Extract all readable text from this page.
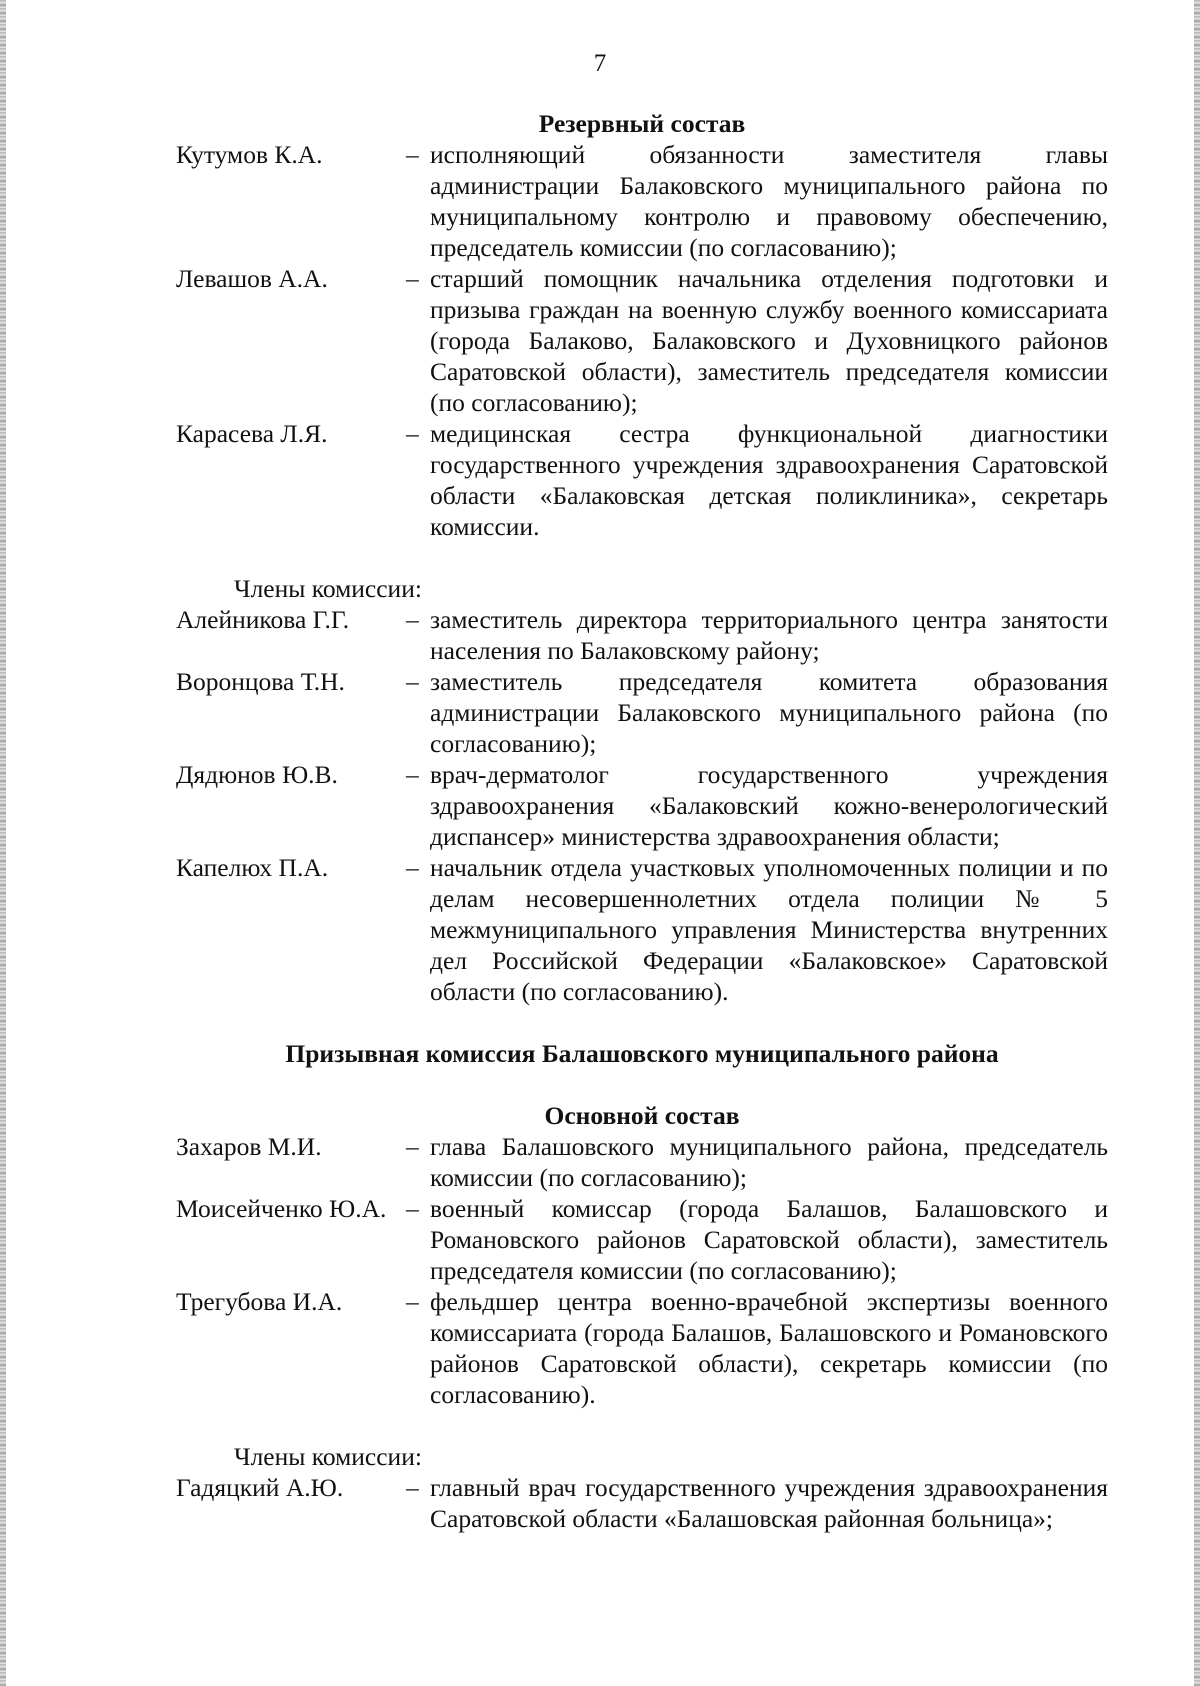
7
Резервный состав
Кутумов К.А.	– исполняющий обязанности заместителя главы администрации Балаковского муниципального района по муниципальному контролю и правовому обеспечению, председатель комиссии (по согласованию);
Левашов А.А.	– старший помощник начальника отделения подготовки и призыва граждан на военную службу военного комиссариата (города Балаково, Балаковского и Духовницкого районов Саратовской области), заместитель председателя комиссии (по согласованию);
Карасева Л.Я.	– медицинская сестра функциональной диагностики государственного учреждения здравоохранения Саратовской области «Балаковская детская поликлиника», секретарь комиссии.
Члены комиссии:
Алейникова Г.Г.	– заместитель директора территориального центра занятости населения по Балаковскому району;
Воронцова Т.Н.	– заместитель председателя комитета образования администрации Балаковского муниципального района (по согласованию);
Дядюнов Ю.В.	– врач-дерматолог государственного учреждения здравоохранения «Балаковский кожно-венерологический диспансер» министерства здравоохранения области;
Капелюх П.А.	– начальник отдела участковых уполномоченных полиции и по делам несовершеннолетних отдела полиции № 5 межмуниципального управления Министерства внутренних дел Российской Федерации «Балаковское» Саратовской области (по согласованию).
Призывная комиссия Балашовского муниципального района
Основной состав
Захаров М.И.	– глава Балашовского муниципального района, председатель комиссии (по согласованию);
Моисейченко Ю.А. – военный комиссар (города Балашов, Балашовского и Романовского районов Саратовской области), заместитель председателя комиссии (по согласованию);
Трегубова И.А.	– фельдшер центра военно-врачебной экспертизы военного комиссариата (города Балашов, Балашовского и Романовского районов Саратовской области), секретарь комиссии (по согласованию).
Члены комиссии:
Гадяцкий А.Ю.	– главный врач государственного учреждения здравоохранения Саратовской области «Балашовская районная больница»;
